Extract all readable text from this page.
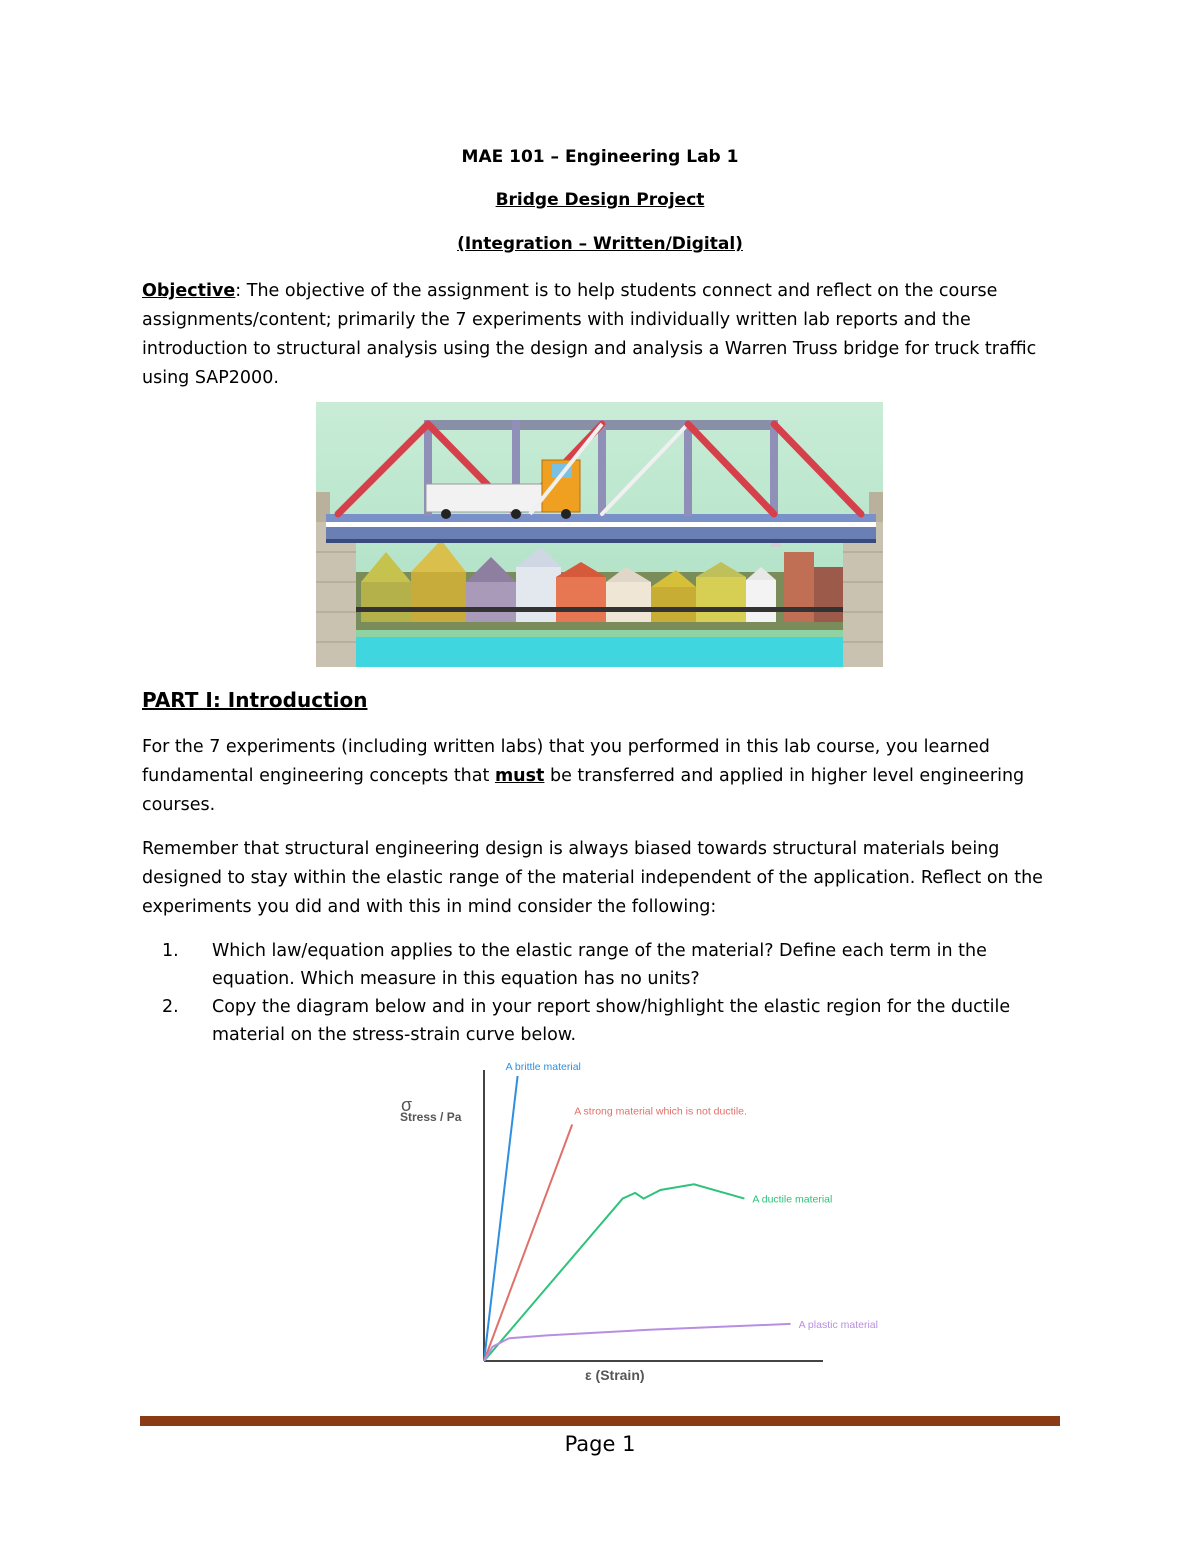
MAE 101 – Engineering Lab 1
Bridge Design Project
(Integration – Written/Digital)

Objective: The objective of the assignment is to help students connect and reflect on the course assignments/content; primarily the 7 experiments with individually written lab reports and the introduction to structural analysis using the design and analysis a Warren Truss bridge for truck traffic using SAP2000.

PART I: Introduction

For the 7 experiments (including written labs) that you performed in this lab course, you learned fundamental engineering concepts that must be transferred and applied in higher level engineering courses.

Remember that structural engineering design is always biased towards structural materials being designed to stay within the elastic range of the material independent of the application. Reflect on the experiments you did and with this in mind consider the following:

1. Which law/equation applies to the elastic range of the material? Define each term in the equation. Which measure in this equation has no units?
2. Copy the diagram below and in your report show/highlight the elastic region for the ductile material on the stress-strain curve below.
σ
Stress / Pa
ε (Strain)
A brittle material
A strong material which is not ductile.
A ductile material
A plastic material
Page 1
